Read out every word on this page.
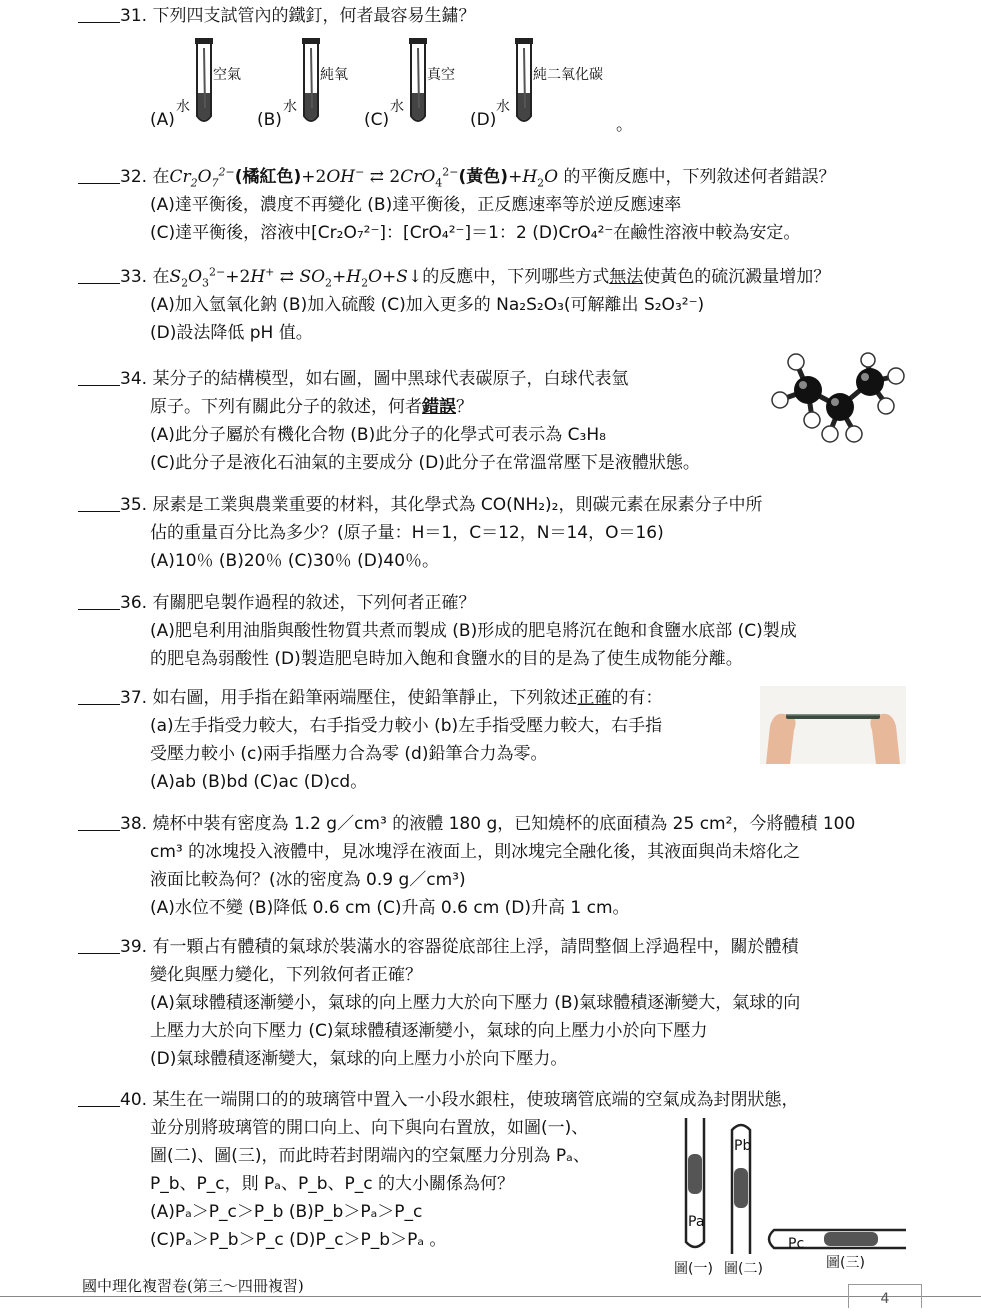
31. 下列四支試管內的鐵釘，何者最容易生鏽？
(A)
水
空氣
(B)
水
純氧
(C)
水
真空
(D)
水
純二氧化碳
。
32. 在$Cr_2O_7^{2-}$(橘紅色)+2OH− ⇄ 2CrO$_4^{2-}$(黃色)$+H_2O$ 的平衡反應中，下列敘述何者錯誤？
(A)達平衡後，濃度不再變化 (B)達平衡後，正反應速率等於逆反應速率
(C)達平衡後，溶液中[Cr₂O₇²⁻]：[CrO₄²⁻]＝1：2 (D)CrO₄²⁻在鹼性溶液中較為安定。
33. 在$S_2O_3^{2-}+2H^+$ ⇄ $SO_2+H_2O+S↓$的反應中，下列哪些方式無法使黃色的硫沉澱量增加？
(A)加入氫氧化鈉 (B)加入硫酸 (C)加入更多的 Na₂S₂O₃(可解離出 S₂O₃²⁻)
(D)設法降低 pH 值。
34. 某分子的結構模型，如右圖，圖中黑球代表碳原子，白球代表氫
原子。下列有關此分子的敘述，何者錯誤？
(A)此分子屬於有機化合物 (B)此分子的化學式可表示為 C₃H₈
(C)此分子是液化石油氣的主要成分 (D)此分子在常溫常壓下是液體狀態。
35. 尿素是工業與農業重要的材料，其化學式為 CO(NH₂)₂，則碳元素在尿素分子中所
佔的重量百分比為多少？(原子量：H＝1，C＝12，N＝14，O＝16)
(A)10％ (B)20％ (C)30％ (D)40％。
36. 有關肥皂製作過程的敘述，下列何者正確？
(A)肥皂利用油脂與酸性物質共煮而製成 (B)形成的肥皂將沉在飽和食鹽水底部 (C)製成
的肥皂為弱酸性 (D)製造肥皂時加入飽和食鹽水的目的是為了使生成物能分離。
37. 如右圖，用手指在鉛筆兩端壓住，使鉛筆靜止，下列敘述正確的有：
(a)左手指受力較大，右手指受力較小 (b)左手指受壓力較大，右手指
受壓力較小 (c)兩手指壓力合為零 (d)鉛筆合力為零。
(A)ab (B)bd (C)ac (D)cd。
38. 燒杯中裝有密度為 1.2 g／cm³ 的液體 180 g，已知燒杯的底面積為 25 cm²，今將體積 100
cm³ 的冰塊投入液體中，見冰塊浮在液面上，則冰塊完全融化後，其液面與尚未熔化之
液面比較為何？(冰的密度為 0.9 g／cm³)
(A)水位不變 (B)降低 0.6 cm (C)升高 0.6 cm (D)升高 1 cm。
39. 有一顆占有體積的氣球於裝滿水的容器從底部往上浮，請問整個上浮過程中，關於體積
變化與壓力變化，下列敘何者正確？
(A)氣球體積逐漸變小，氣球的向上壓力大於向下壓力 (B)氣球體積逐漸變大，氣球的向
上壓力大於向下壓力 (C)氣球體積逐漸變小，氣球的向上壓力小於向下壓力
(D)氣球體積逐漸變大，氣球的向上壓力小於向下壓力。
40. 某生在一端開口的的玻璃管中置入一小段水銀柱，使玻璃管底端的空氣成為封閉狀態，
並分別將玻璃管的開口向上、向下與向右置放，如圖(一)、
圖(二)、圖(三)，而此時若封閉端內的空氣壓力分別為 Pₐ、
P_b、P_c，則 Pₐ、P_b、P_c 的大小關係為何？
(A)Pₐ＞P_c＞P_b (B)P_b＞Pₐ＞P_c
(C)Pₐ＞P_b＞P_c (D)P_c＞P_b＞Pₐ 。
Pa
Pb
Pc
圖(一) 圖(二)	圖(三)
國中理化複習卷(第三～四冊複習)
4
